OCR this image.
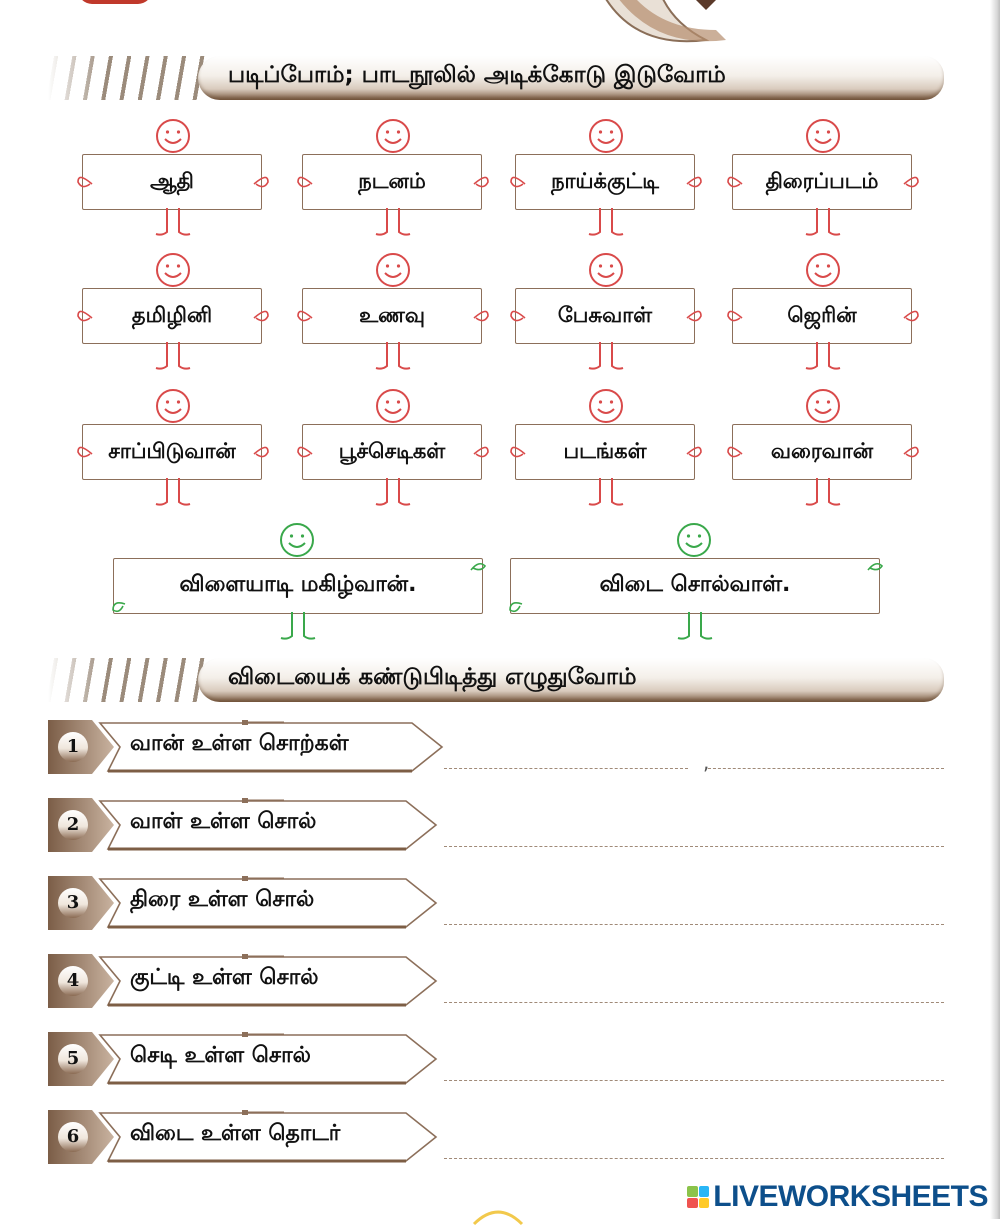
படிப்போம்; பாடநூலில் அடிக்கோடு இடுவோம்
ஆதி	நடனம்	நாய்க்குட்டி	திரைப்படம்
தமிழினி	உணவு	பேசுவாள்	ஜெரின்
சாப்பிடுவான்	பூச்செடிகள்	படங்கள்	வரைவான்
விளையாடி மகிழ்வான்.	விடை சொல்வாள்.
விடையைக் கண்டுபிடித்து எழுதுவோம்
1	வான் உள்ள சொற்கள்
,
2	வாள் உள்ள சொல்
3	திரை உள்ள சொல்
4	குட்டி உள்ள சொல்
5	செடி உள்ள சொல்
6	விடை உள்ள தொடர்
LIVEWORKSHEETS
